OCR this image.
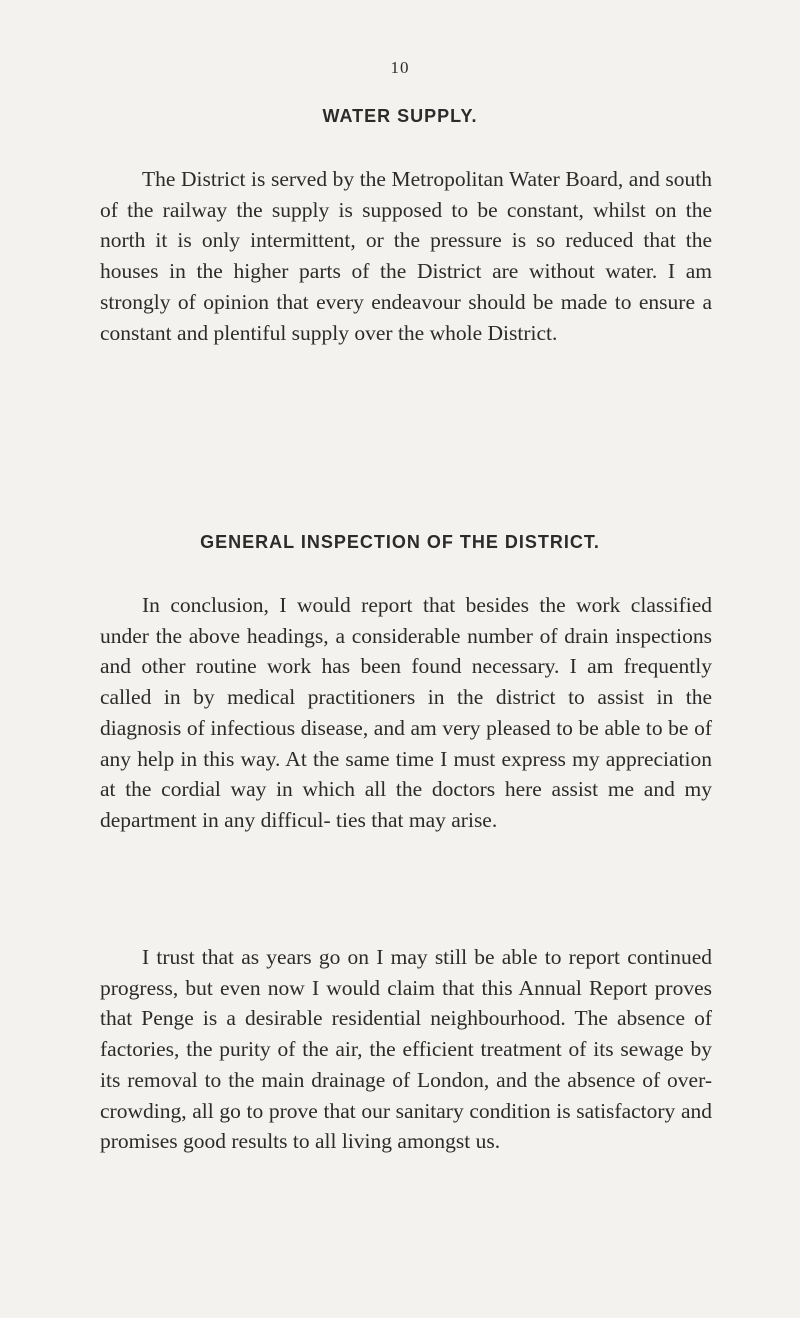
10
WATER SUPPLY.

The District is served by the Metropolitan Water Board, and south of the railway the supply is supposed to be constant, whilst on the north it is only intermittent, or the pressure is so reduced that the houses in the higher parts of the District are without water. I am strongly of opinion that every endeavour should be made to ensure a constant and plentiful supply over the whole District.

GENERAL INSPECTION OF THE DISTRICT.

In conclusion, I would report that besides the work classified under the above headings, a considerable number of drain inspections and other routine work has been found necessary. I am frequently called in by medical practitioners in the district to assist in the diagnosis of infectious disease, and am very pleased to be able to be of any help in this way. At the same time I must express my appreciation at the cordial way in which all the doctors here assist me and my department in any difficul- ties that may arise.

I trust that as years go on I may still be able to report continued progress, but even now I would claim that this Annual Report proves that Penge is a desirable residential neighbourhood. The absence of factories, the purity of the air, the efficient treatment of its sewage by its removal to the main drainage of London, and the absence of over- crowding, all go to prove that our sanitary condition is satisfactory and promises good results to all living amongst us.
